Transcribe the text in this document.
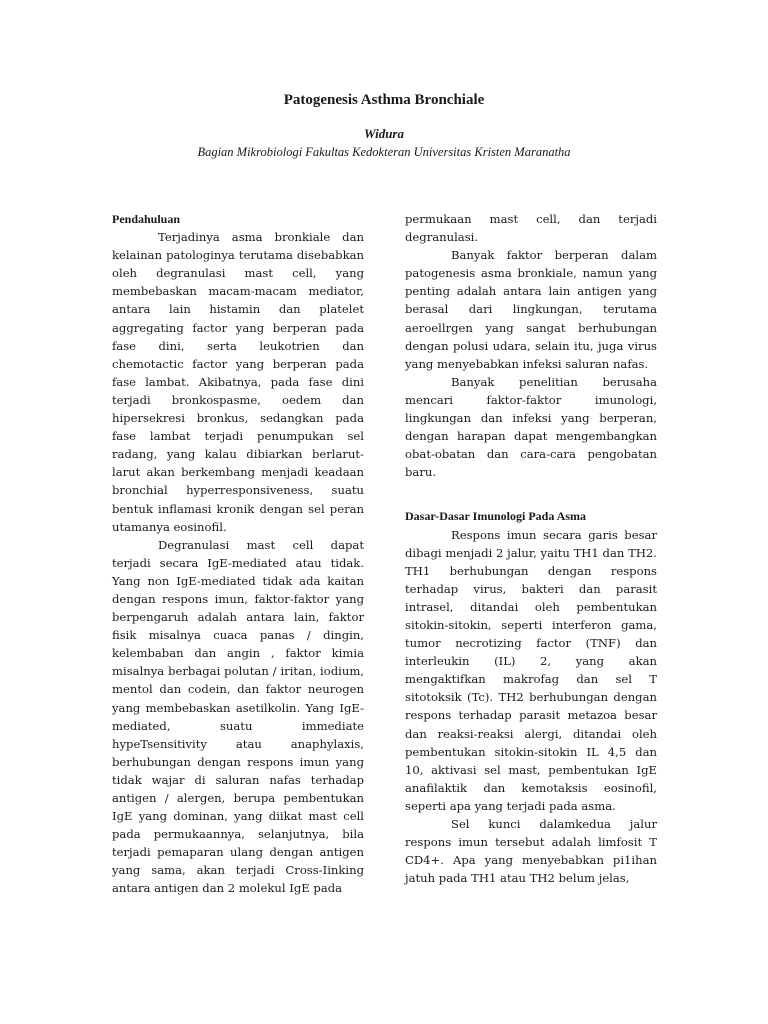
Patogenesis Asthma Bronchiale
Widura
Bagian Mikrobiologi Fakultas Kedokteran Universitas Kristen Maranatha
Pendahuluan

Terjadinya asma bronkiale dan kelainan patologinya terutama disebabkan oleh degranulasi mast cell, yang membebaskan macam-macam mediator, antara lain histamin dan platelet aggregating factor yang berperan pada fase dini, serta leukotrien dan chemotactic factor yang berperan pada fase lambat. Akibatnya, pada fase dini terjadi bronkospasme, oedem dan hipersekresi bronkus, sedangkan pada fase lambat terjadi penumpukan sel radang, yang kalau dibiarkan berlarut-larut akan berkembang menjadi keadaan bronchial hyperresponsiveness, suatu bentuk inflamasi kronik dengan sel peran utamanya eosinofil.

Degranulasi mast cell dapat terjadi secara IgE-mediated atau tidak. Yang non IgE-mediated tidak ada kaitan dengan respons imun, faktor-faktor yang berpengaruh adalah antara lain, faktor fisik misalnya cuaca panas / dingin, kelembaban dan angin , faktor kimia misalnya berbagai polutan / iritan, iodium, mentol dan codein, dan faktor neurogen yang membebaskan asetilkolin. Yang IgE-mediated, suatu immediate hypeTsensitivity atau anaphylaxis, berhubungan dengan respons imun yang tidak wajar di saluran nafas terhadap antigen / alergen, berupa pembentukan IgE yang dominan, yang diikat mast cell pada permukaannya, selanjutnya, bila terjadi pemaparan ulang dengan antigen yang sama, akan terjadi Cross-Iinking antara antigen dan 2 molekul IgE pada

permukaan mast cell, dan terjadi degranulasi.

Banyak faktor berperan dalam patogenesis asma bronkiale, namun yang penting adalah antara lain antigen yang berasal dari lingkungan, terutama aeroellrgen yang sangat berhubungan dengan polusi udara, selain itu, juga virus yang menyebabkan infeksi saluran nafas.

Banyak penelitian berusaha mencari faktor-faktor imunologi, lingkungan dan infeksi yang berperan, dengan harapan dapat mengembangkan obat-obatan dan cara-cara pengobatan baru.

Dasar-Dasar Imunologi Pada Asma

Respons imun secara garis besar dibagi menjadi 2 jalur, yaitu TH1 dan TH2. TH1 berhubungan dengan respons terhadap virus, bakteri dan parasit intrasel, ditandai oleh pembentukan sitokin-sitokin, seperti interferon gama, tumor necrotizing factor (TNF) dan interleukin (IL) 2, yang akan mengaktifkan makrofag dan sel T sitotoksik (Tc). TH2 berhubungan dengan respons terhadap parasit metazoa besar dan reaksi-reaksi alergi, ditandai oleh pembentukan sitokin-sitokin IL 4,5 dan 10, aktivasi sel mast, pembentukan IgE anafilaktik dan kemotaksis eosinofil, seperti apa yang terjadi pada asma.

Sel kunci dalamkedua jalur respons imun tersebut adalah limfosit T CD4+. Apa yang menyebabkan pi1ihan jatuh pada TH1 atau TH2 belum jelas,
